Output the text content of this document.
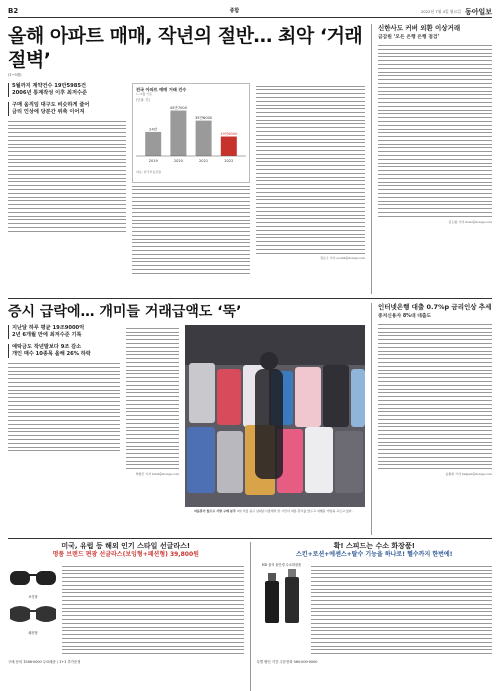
B2	종합	2022년 7월 4일 월요일 동아일보
올해 아파트 매매, 작년의 절반… 최악 ‘거래절벽’
(1~5월)
5월까지 계약건수 19만5985건
2006년 통계작성 이후 최저수준
구매 움직임 대구도 비슷하게 줄어
금리 인상에 당분간 위축 이어져
전국 아파트 매매 거래 건수
1~5월 기준
24만
2019
45만7000
2020
35만6000
2021
19만6000
2022
(단위: 건)
자료: 한국부동산원
정순구 기자 soon9@donga.com
신한사도 커버 외환 이상거래
금감원 ‘모든 은행 은행 점검’
김도형 기자 dodo@donga.com
증시 급락에… 개미들 거래급액도 ‘뚝’
지난달 하루 평균 19조9000억
2년 6개월 만에 최저수준 기록
예탁금도 작년말보다 9조 감소
개인 매수 10종목 올해 26% 하락
박종민 기자 blick@donga.com
여름휴가 앞두고 가방 구매 분주 3일 서울 중구 남대문시장에서 한 시민이 여름 휴가를 앞두고 여행용 가방을 고르고 있다.
인터넷은행 대출 0.7%p 금리인상 추세
중저신용자 8%대 대출도
송충현 기자 balgun@donga.com
미국, 유럽 등 해외 인기 스타일 선글라스!
명품 브랜드 편광 선글라스(보잉형+패션형) 39,800원
보잉형
패션형
구매 문의 1588-0000 무료배송 / 1+1 추가증정
확! 스피드는 수소 화장품!
스킨+로션+에센스+탈수 기능을 하나로! 헬수까지 한번에!
HD 물의 물안경 수소화장품
특별 할인 기간 주문전화 080-000-0000
